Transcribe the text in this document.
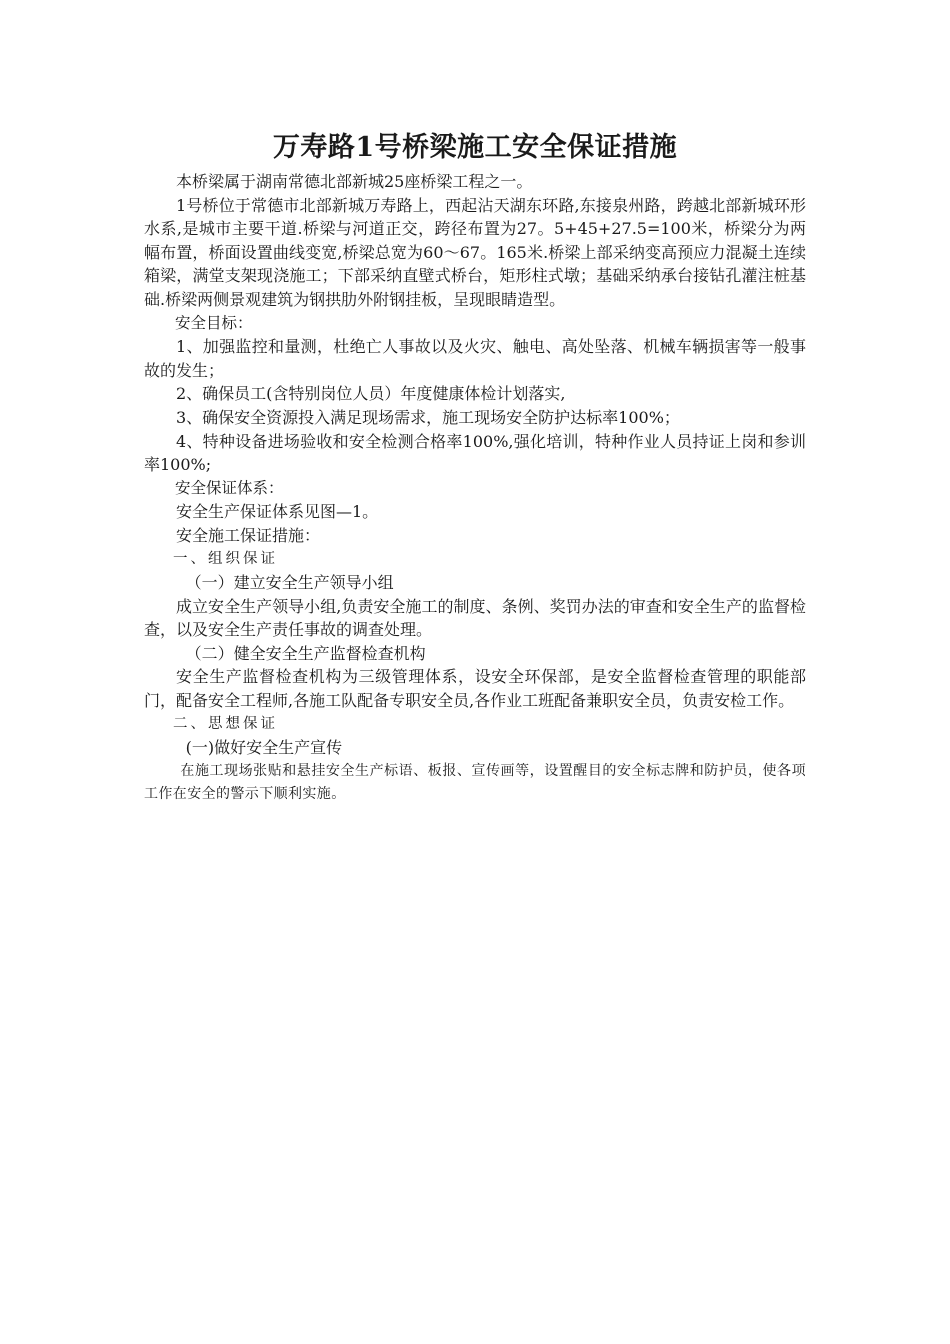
万寿路1号桥梁施工安全保证措施

本桥梁属于湖南常德北部新城25座桥梁工程之一。

1号桥位于常德市北部新城万寿路上，西起沾天湖东环路,东接泉州路，跨越北部新城环形水系,是城市主要干道.桥梁与河道正交，跨径布置为27。5+45+27.5=100米，桥梁分为两幅布置，桥面设置曲线变宽,桥梁总宽为60～67。165米.桥梁上部采纳变高预应力混凝土连续箱梁，满堂支架现浇施工；下部采纳直壁式桥台，矩形柱式墩；基础采纳承台接钻孔灌注桩基础.桥梁两侧景观建筑为钢拱肋外附钢挂板，呈现眼睛造型。

安全目标：

1、加强监控和量测，杜绝亡人事故以及火灾、触电、高处坠落、机械车辆损害等一般事故的发生；

2、确保员工(含特别岗位人员）年度健康体检计划落实,

3、确保安全资源投入满足现场需求，施工现场安全防护达标率100%；

4、特种设备进场验收和安全检测合格率100%,强化培训，特种作业人员持证上岗和参训率100%;

安全保证体系：

安全生产保证体系见图—1。

安全施工保证措施：

一、组织保证

（一）建立安全生产领导小组

成立安全生产领导小组,负责安全施工的制度、条例、奖罚办法的审查和安全生产的监督检查，以及安全生产责任事故的调查处理。

（二）健全安全生产监督检查机构

安全生产监督检查机构为三级管理体系，设安全环保部，是安全监督检查管理的职能部门，配备安全工程师,各施工队配备专职安全员,各作业工班配备兼职安全员，负责安检工作。

二、思想保证

(一)做好安全生产宣传

在施工现场张贴和悬挂安全生产标语、板报、宣传画等，设置醒目的安全标志牌和防护员，使各项工作在安全的警示下顺利实施。
